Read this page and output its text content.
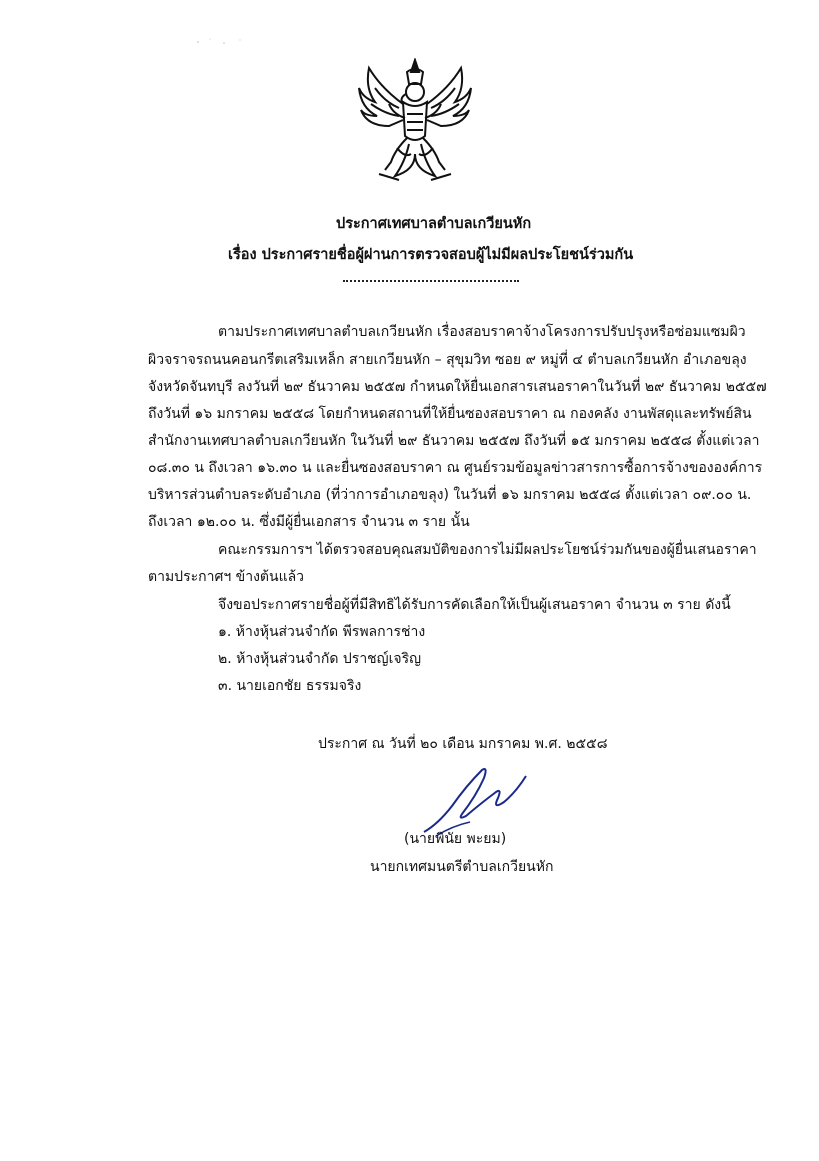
ประกาศเทศบาลตำบลเกวียนหัก
เรื่อง ประกาศรายชื่อผู้ผ่านการตรวจสอบผู้ไม่มีผลประโยชน์ร่วมกัน
ตามประกาศเทศบาลตำบลเกวียนหัก เรื่องสอบราคาจ้างโครงการปรับปรุงหรือซ่อมแซมผิว
ผิวจราจรถนนคอนกรีตเสริมเหล็ก สายเกวียนหัก – สุขุมวิท ซอย ๙ หมู่ที่ ๔ ตำบลเกวียนหัก อำเภอขลุง
จังหวัดจันทบุรี ลงวันที่ ๒๙ ธันวาคม ๒๕๕๗ กำหนดให้ยื่นเอกสารเสนอราคาในวันที่ ๒๙ ธันวาคม ๒๕๕๗
ถึงวันที่ ๑๖ มกราคม ๒๕๕๘ โดยกำหนดสถานที่ให้ยื่นซองสอบราคา ณ กองคลัง งานพัสดุและทรัพย์สิน
สำนักงานเทศบาลตำบลเกวียนหัก ในวันที่ ๒๙ ธันวาคม ๒๕๕๗ ถึงวันที่ ๑๕ มกราคม ๒๕๕๘ ตั้งแต่เวลา
๐๘.๓๐ น ถึงเวลา ๑๖.๓๐ น และยื่นซองสอบราคา ณ ศูนย์รวมข้อมูลข่าวสารการซื้อการจ้างขององค์การ
บริหารส่วนตำบลระดับอำเภอ (ที่ว่าการอำเภอขลุง) ในวันที่ ๑๖ มกราคม ๒๕๕๘ ตั้งแต่เวลา ๐๙.๐๐ น.
ถึงเวลา ๑๒.๐๐ น. ซึ่งมีผู้ยื่นเอกสาร จำนวน ๓ ราย นั้น
คณะกรรมการฯ ได้ตรวจสอบคุณสมบัติของการไม่มีผลประโยชน์ร่วมกันของผู้ยื่นเสนอราคา
ตามประกาศฯ ข้างต้นแล้ว
จึงขอประกาศรายชื่อผู้ที่มีสิทธิได้รับการคัดเลือกให้เป็นผู้เสนอราคา จำนวน ๓ ราย ดังนี้
๑. ห้างหุ้นส่วนจำกัด พีรพลการช่าง
๒. ห้างหุ้นส่วนจำกัด ปราชญ์เจริญ
๓. นายเอกชัย ธรรมจริง
ประกาศ ณ วันที่ ๒๐ เดือน มกราคม พ.ศ. ๒๕๕๘
(นายพินัย พะยม)
นายกเทศมนตรีตำบลเกวียนหัก
